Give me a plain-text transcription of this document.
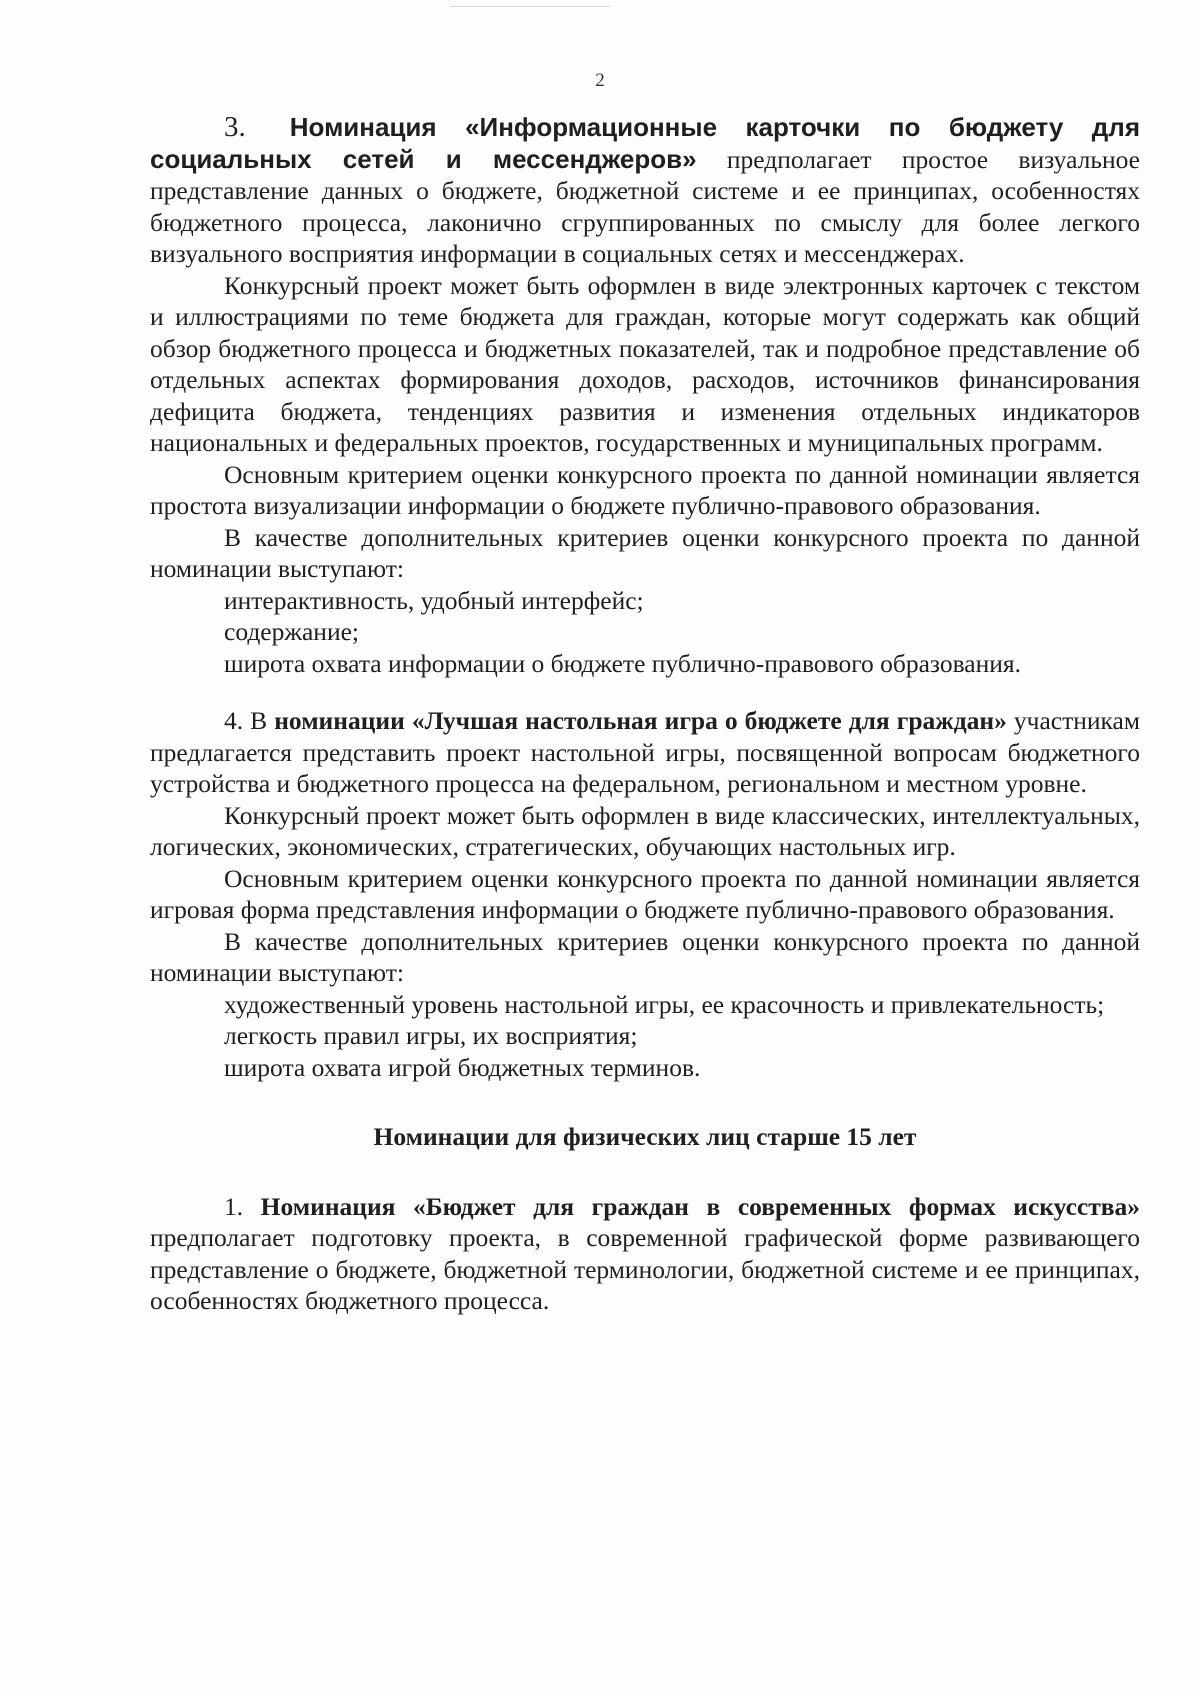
2

3. Номинация «Информационные карточки по бюджету для социальных сетей и мессенджеров» предполагает простое визуальное представление данных о бюджете, бюджетной системе и ее принципах, особенностях бюджетного процесса, лаконично сгруппированных по смыслу для более легкого визуального восприятия информации в социальных сетях и мессенджерах.

Конкурсный проект может быть оформлен в виде электронных карточек с текстом и иллюстрациями по теме бюджета для граждан, которые могут содержать как общий обзор бюджетного процесса и бюджетных показателей, так и подробное представление об отдельных аспектах формирования доходов, расходов, источников финансирования дефицита бюджета, тенденциях развития и изменения отдельных индикаторов национальных и федеральных проектов, государственных и муниципальных программ.

Основным критерием оценки конкурсного проекта по данной номинации является простота визуализации информации о бюджете публично-правового образования.

В качестве дополнительных критериев оценки конкурсного проекта по данной номинации выступают:

интерактивность, удобный интерфейс;

содержание;

широта охвата информации о бюджете публично-правового образования.

4. В номинации «Лучшая настольная игра о бюджете для граждан» участникам предлагается представить проект настольной игры, посвященной вопросам бюджетного устройства и бюджетного процесса на федеральном, региональном и местном уровне.

Конкурсный проект может быть оформлен в виде классических, интеллектуальных, логических, экономических, стратегических, обучающих настольных игр.

Основным критерием оценки конкурсного проекта по данной номинации является игровая форма представления информации о бюджете публично-правового образования.

В качестве дополнительных критериев оценки конкурсного проекта по данной номинации выступают:

художественный уровень настольной игры, ее красочность и привлекательность;

легкость правил игры, их восприятия;

широта охвата игрой бюджетных терминов.

Номинации для физических лиц старше 15 лет

1. Номинация «Бюджет для граждан в современных формах искусства» предполагает подготовку проекта, в современной графической форме развивающего представление о бюджете, бюджетной терминологии, бюджетной системе и ее принципах, особенностях бюджетного процесса.
